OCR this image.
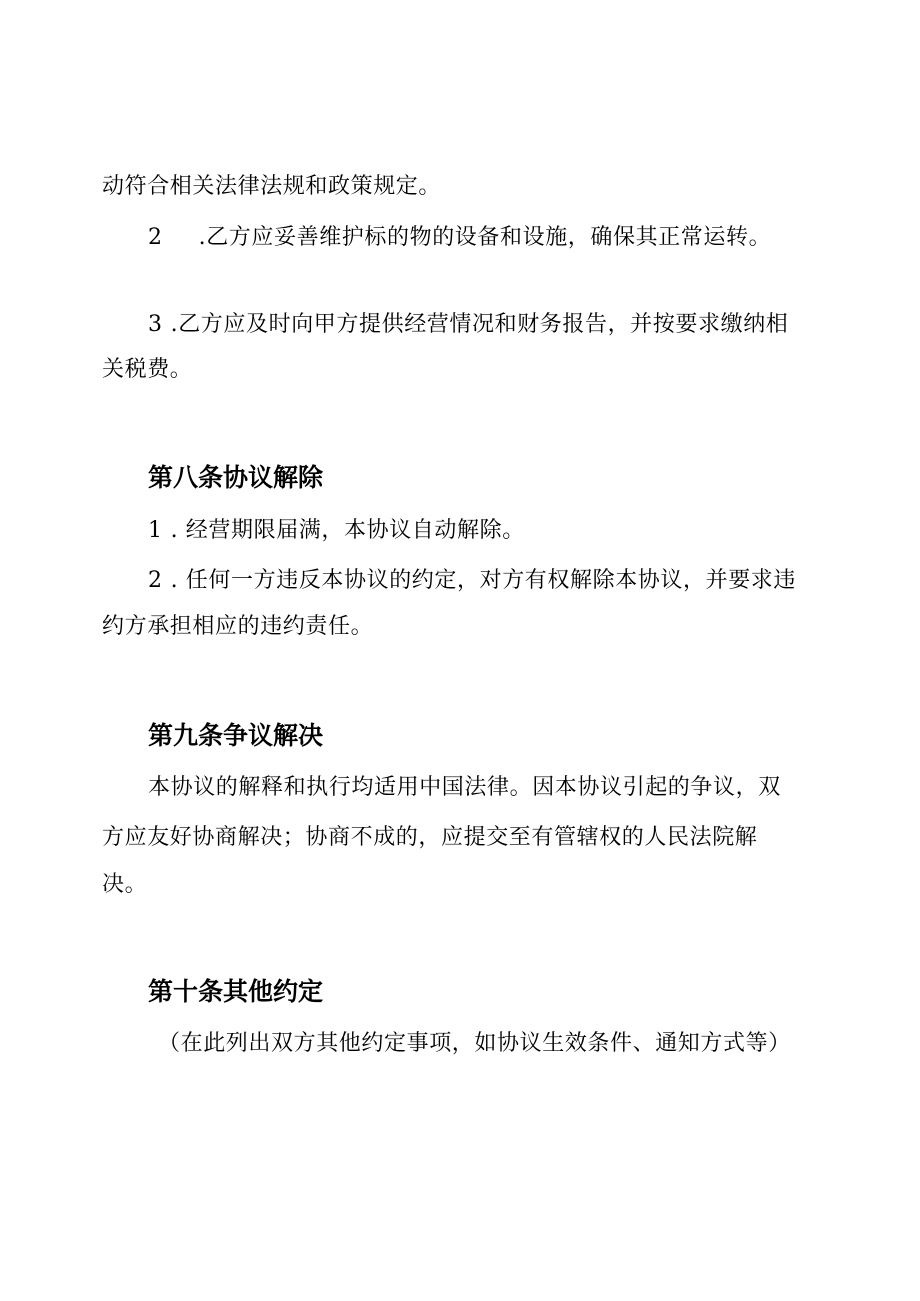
动符合相关法律法规和政策规定。
2 .乙方应妥善维护标的物的设备和设施，确保其正常运转。
3 .乙方应及时向甲方提供经营情况和财务报告，并按要求缴纳相
关税费。
第八条协议解除
1 . 经营期限届满，本协议自动解除。
2 . 任何一方违反本协议的约定，对方有权解除本协议，并要求违
约方承担相应的违约责任。
第九条争议解决
本协议的解释和执行均适用中国法律。因本协议引起的争议，双
方应友好协商解决；协商不成的，应提交至有管辖权的人民法院解
决。
第十条其他约定
（在此列出双方其他约定事项，如协议生效条件、通知方式等）
